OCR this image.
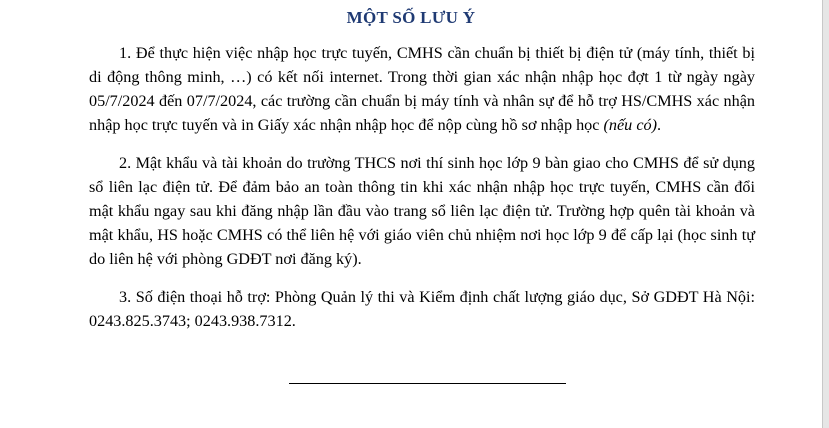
MỘT SỐ LƯU Ý

1. Để thực hiện việc nhập học trực tuyến, CMHS cần chuẩn bị thiết bị điện tử (máy tính, thiết bị di động thông minh, …) có kết nối internet. Trong thời gian xác nhận nhập học đợt 1 từ ngày ngày 05/7/2024 đến 07/7/2024, các trường cần chuẩn bị máy tính và nhân sự để hỗ trợ HS/CMHS xác nhận nhập học trực tuyến và in Giấy xác nhận nhập học để nộp cùng hồ sơ nhập học (nếu có).

2. Mật khẩu và tài khoản do trường THCS nơi thí sinh học lớp 9 bàn giao cho CMHS để sử dụng sổ liên lạc điện tử. Để đảm bảo an toàn thông tin khi xác nhận nhập học trực tuyến, CMHS cần đổi mật khẩu ngay sau khi đăng nhập lần đầu vào trang sổ liên lạc điện tử. Trường hợp quên tài khoản và mật khẩu, HS hoặc CMHS có thể liên hệ với giáo viên chủ nhiệm nơi học lớp 9 để cấp lại (học sinh tự do liên hệ với phòng GDĐT nơi đăng ký).

3. Số điện thoại hỗ trợ: Phòng Quản lý thi và Kiểm định chất lượng giáo dục, Sở GDĐT Hà Nội: 0243.825.3743; 0243.938.7312.
